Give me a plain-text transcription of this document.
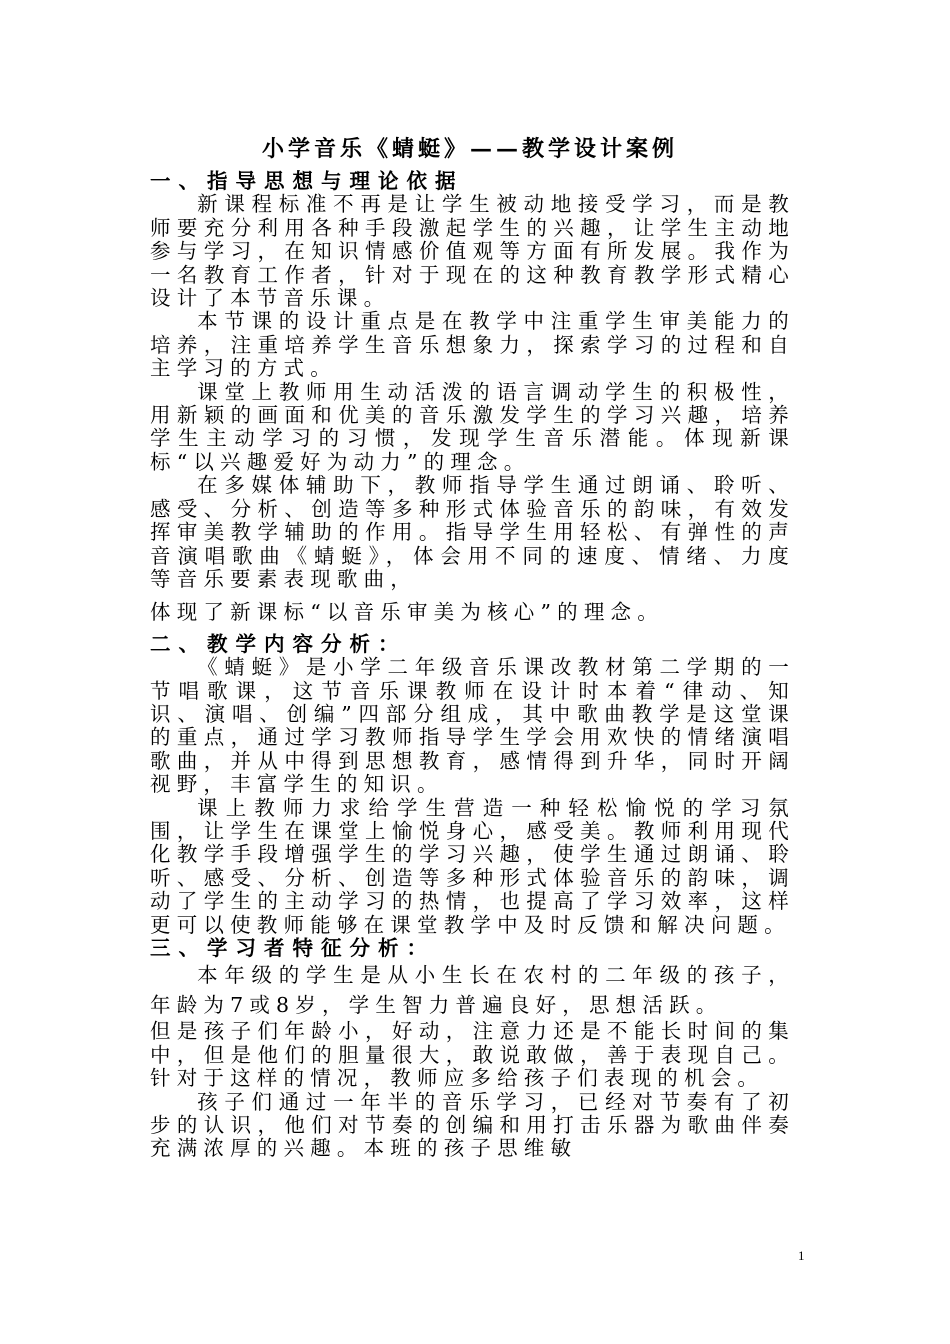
小学音乐《蜻蜓》——教学设计案例
一、指导思想与理论依据

新课程标准不再是让学生被动地接受学习，而是教师要充分利用各种手段激起学生的兴趣，让学生主动地参与学习，在知识情感价值观等方面有所发展。我作为一名教育工作者，针对于现在的这种教育教学形式精心设计了本节音乐课。

本节课的设计重点是在教学中注重学生审美能力的培养，注重培养学生音乐想象力，探索学习的过程和自主学习的方式。

课堂上教师用生动活泼的语言调动学生的积极性，用新颖的画面和优美的音乐激发学生的学习兴趣，培养学生主动学习的习惯，发现学生音乐潜能。体现新课标“以兴趣爱好为动力”的理念。

在多媒体辅助下，教师指导学生通过朗诵、聆听、感受、分析、创造等多种形式体验音乐的韵味，有效发挥审美教学辅助的作用。指导学生用轻松、有弹性的声音演唱歌曲《蜻蜓》，体会用不同的速度、情绪、力度等音乐要素表现歌曲，

体现了新课标“以音乐审美为核心”的理念。

二、教学内容分析：

《蜻蜓》是小学二年级音乐课改教材第二学期的一节唱歌课，这节音乐课教师在设计时本着“律动、知识、演唱、创编”四部分组成，其中歌曲教学是这堂课的重点，通过学习教师指导学生学会用欢快的情绪演唱歌曲，并从中得到思想教育，感情得到升华，同时开阔视野，丰富学生的知识。

课上教师力求给学生营造一种轻松愉悦的学习氛围，让学生在课堂上愉悦身心，感受美。教师利用现代化教学手段增强学生的学习兴趣，使学生通过朗诵、聆听、感受、分析、创造等多种形式体验音乐的韵味，调动了学生的主动学习的热情，也提高了学习效率，这样更可以使教师能够在课堂教学中及时反馈和解决问题。

三、学习者特征分析：

本年级的学生是从小生长在农村的二年级的孩子，年龄为7或8岁，学生智力普遍良好，思想活跃。

但是孩子们年龄小，好动，注意力还是不能长时间的集中，但是他们的胆量很大，敢说敢做，善于表现自己。针对于这样的情况，教师应多给孩子们表现的机会。

孩子们通过一年半的音乐学习，已经对节奏有了初步的认识，他们对节奏的创编和用打击乐器为歌曲伴奏充满浓厚的兴趣。本班的孩子思维敏

1
